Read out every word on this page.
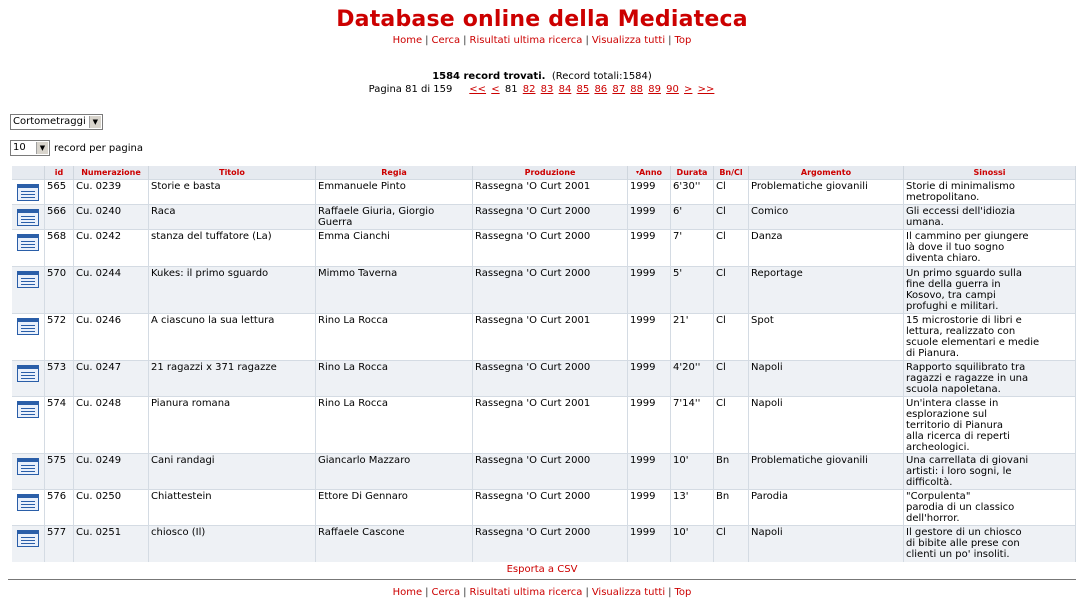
Database online della Mediateca
Home | Cerca | Risultati ultima ricerca | Visualizza tutti | Top
1584 record trovati. (Record totali:1584)
Pagina 81 di 159 << < 81 82 83 84 85 86 87 88 89 90 > >>
Cortometraggi ▼
10 ▼ record per pagina
	id	Numerazione	Titolo	Regia	Produzione	▾Anno	Durata	Bn/Cl	Argomento	Sinossi

	565	Cu. 0239	Storie e basta	Emmanuele Pinto	Rassegna 'O Curt 2001	1999	6'30''	Cl	Problematiche giovanili	Storie di minimalismo
metropolitano.

	566	Cu. 0240	Raca	Raffaele Giuria, Giorgio Guerra	Rassegna 'O Curt 2000	1999	6'	Cl	Comico	Gli eccessi dell'idiozia
umana.

	568	Cu. 0242	stanza del tuffatore (La)	Emma Cianchi	Rassegna 'O Curt 2000	1999	7'	Cl	Danza	Il cammino per giungere
là dove il tuo sogno
diventa chiaro.

	570	Cu. 0244	Kukes: il primo sguardo	Mimmo Taverna	Rassegna 'O Curt 2000	1999	5'	Cl	Reportage	Un primo sguardo sulla
fine della guerra in
Kosovo, tra campi
profughi e militari.

	572	Cu. 0246	A ciascuno la sua lettura	Rino La Rocca	Rassegna 'O Curt 2001	1999	21'	Cl	Spot	15 microstorie di libri e
lettura, realizzato con
scuole elementari e medie
di Pianura.

	573	Cu. 0247	21 ragazzi x 371 ragazze	Rino La Rocca	Rassegna 'O Curt 2000	1999	4'20''	Cl	Napoli	Rapporto squilibrato tra
ragazzi e ragazze in una
scuola napoletana.

	574	Cu. 0248	Pianura romana	Rino La Rocca	Rassegna 'O Curt 2001	1999	7'14''	Cl	Napoli	Un'intera classe in
esplorazione sul
territorio di Pianura
alla ricerca di reperti
archeologici.

	575	Cu. 0249	Cani randagi	Giancarlo Mazzaro	Rassegna 'O Curt 2000	1999	10'	Bn	Problematiche giovanili	Una carrellata di giovani
artisti: i loro sogni, le
difficoltà.

	576	Cu. 0250	Chiattestein	Ettore Di Gennaro	Rassegna 'O Curt 2000	1999	13'	Bn	Parodia	"Corpulenta"
parodia di un classico
dell'horror.

	577	Cu. 0251	chiosco (Il)	Raffaele Cascone	Rassegna 'O Curt 2000	1999	10'	Cl	Napoli	Il gestore di un chiosco
di bibite alle prese con
clienti un po' insoliti.
Esporta a CSV
Home | Cerca | Risultati ultima ricerca | Visualizza tutti | Top
